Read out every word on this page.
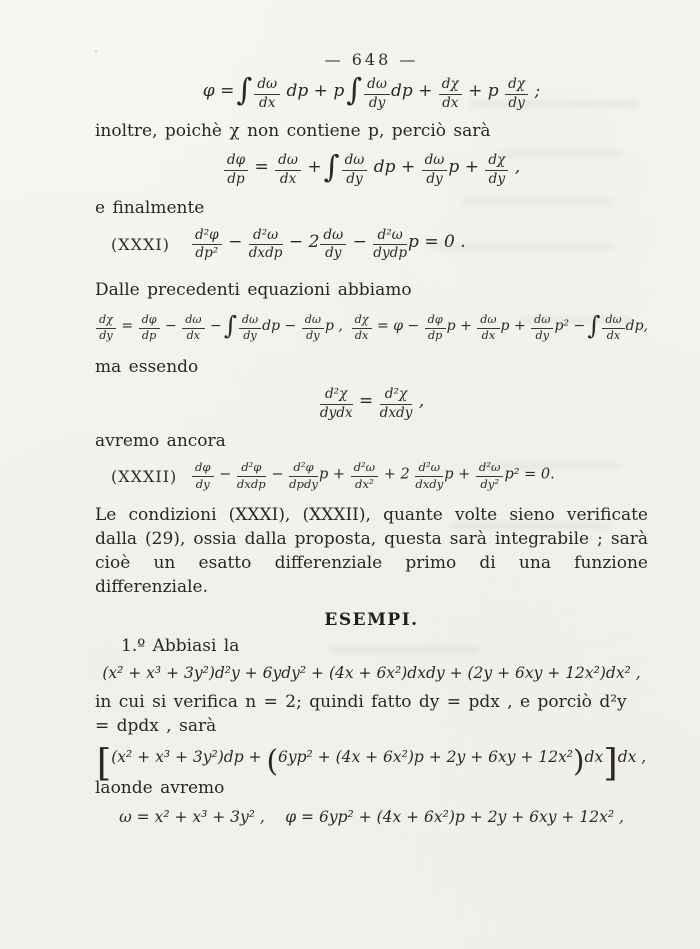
— 648 —
φ =∫ $\frac{d\omega}{dx}$ dp + $p\int \frac{d\omega}{dy}$ dp + $\frac{d\chi}{dx} + p \frac{d\chi}{dy}$ ;

inoltre, poichè χ non contiene p, perciò sarà

$\frac{d\varphi}{dp} = \frac{d\omega}{dx}$ +∫ $\frac{d\omega}{dy}$ dp + $\frac{d\omega}{dy}$ $p + \frac{d\chi}{dy}$ ,

e finalmente

(XXXI)	$\frac{\text{d²φ}}{\text{dp²}} - \frac{\text{d²ω}}{\text{dxdp}} - 2 \frac{d\omega}{dy} - \frac{\text{d²ω}}{\text{dydp}}$ p = 0 .

Dalle precedenti equazioni abbiamo

$\frac{d\chi}{dy} = \frac{d\varphi}{dp} - \frac{d\omega}{dx}$ −∫ $\frac{d\omega}{dy}$ dp − $\frac{d\omega}{dy}$ p , $\frac{d\chi}{dx} = \varphi - \frac{d\varphi}{dp}$ $p + \frac{d\omega}{dx}$ $p + \frac{d\omega}{dy} p^2$ −∫ $\frac{d\omega}{dx}$ dp,

ma essendo

$\frac{\text{d²χ}}{\text{dydx}} = \frac{\text{d²χ}}{\text{dxdy}}$ ,

avremo ancora

(XXXII)	$\frac{d\varphi}{dy} - \frac{\text{d²φ}}{\text{dxdp}} - \frac{\text{d²φ}}{\text{dpdy}}$ $p + \frac{\text{d²ω}}{\text{dx²}} + 2 \frac{\text{d²ω}}{\text{dxdy}}$ $p + \frac{\text{d²ω}}{\text{dy²}} p^2 = 0$.

Le condizioni (XXXI), (XXXII), quante volte sieno verificate dalla (29), ossia dalla proposta, questa sarà integrabile ; sarà cioè un esatto differenziale primo di una funzione differenziale.

ESEMPI.

1.º Abbiasi la

(x² + x³ + 3y²)d²y + 6ydy² + (4x + 6x²)dxdy + (2y + 6xy + 12x²)dx² ,

in cui si verifica n = 2; quindi fatto dy = pdx , e porciò d²y = dpdx , sarà

[(x² + x³ + 3y²)dp + (6yp² + (4x + 6x²)p + 2y + 6xy + 12x²)dx]dx ,

laonde avremo

ω = x² + x³ + 3y² ,  φ = 6yp² + (4x + 6x²)p + 2y + 6xy + 12x² ,
